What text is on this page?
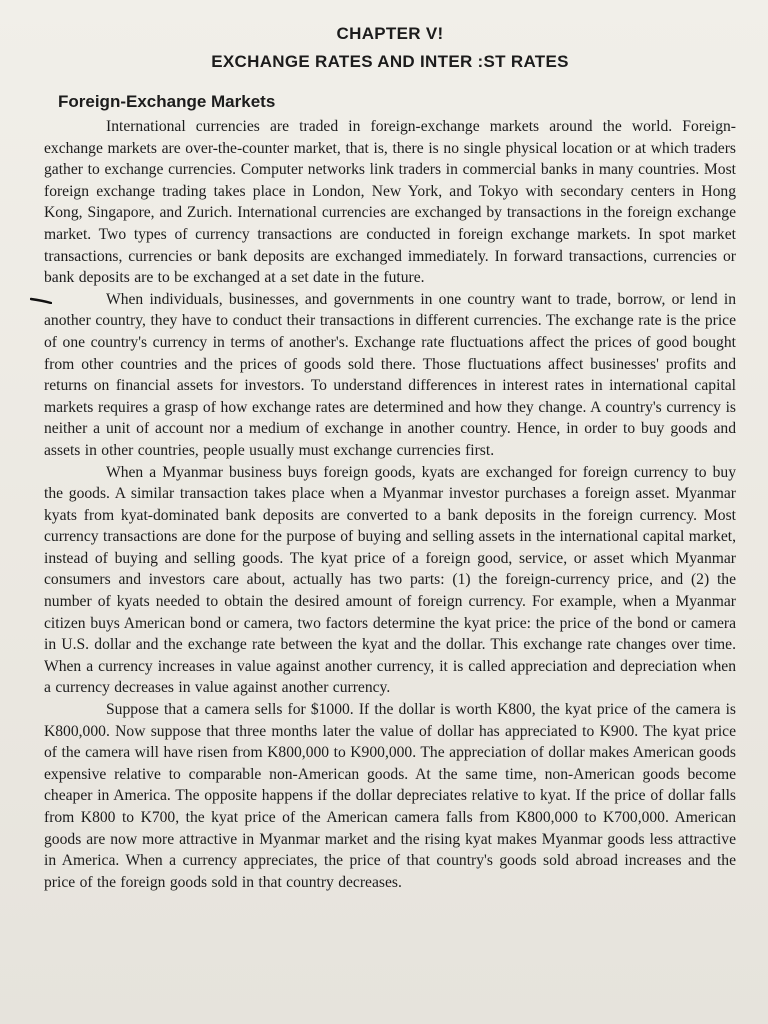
CHAPTER V!
EXCHANGE RATES AND INTER :ST RATES
Foreign-Exchange Markets

International currencies are traded in foreign-exchange markets around the world. Foreign-exchange markets are over-the-counter market, that is, there is no single physical location or at which traders gather to exchange currencies. Computer networks link traders in commercial banks in many countries. Most foreign exchange trading takes place in London, New York, and Tokyo with secondary centers in Hong Kong, Singapore, and Zurich. International currencies are exchanged by transactions in the foreign exchange market. Two types of currency transactions are conducted in foreign exchange markets. In spot market transactions, currencies or bank deposits are exchanged immediately. In forward transactions, currencies or bank deposits are to be exchanged at a set date in the future.

When individuals, businesses, and governments in one country want to trade, borrow, or lend in another country, they have to conduct their transactions in different currencies. The exchange rate is the price of one country's currency in terms of another's. Exchange rate fluctuations affect the prices of good bought from other countries and the prices of goods sold there. Those fluctuations affect businesses' profits and returns on financial assets for investors. To understand differences in interest rates in international capital markets requires a grasp of how exchange rates are determined and how they change. A country's currency is neither a unit of account nor a medium of exchange in another country. Hence, in order to buy goods and assets in other countries, people usually must exchange currencies first.

When a Myanmar business buys foreign goods, kyats are exchanged for foreign currency to buy the goods. A similar transaction takes place when a Myanmar investor purchases a foreign asset. Myanmar kyats from kyat-dominated bank deposits are converted to a bank deposits in the foreign currency. Most currency transactions are done for the purpose of buying and selling assets in the international capital market, instead of buying and selling goods. The kyat price of a foreign good, service, or asset which Myanmar consumers and investors care about, actually has two parts: (1) the foreign-currency price, and (2) the number of kyats needed to obtain the desired amount of foreign currency. For example, when a Myanmar citizen buys American bond or camera, two factors determine the kyat price: the price of the bond or camera in U.S. dollar and the exchange rate between the kyat and the dollar. This exchange rate changes over time. When a currency increases in value against another currency, it is called appreciation and depreciation when a currency decreases in value against another currency.

Suppose that a camera sells for $1000. If the dollar is worth K800, the kyat price of the camera is K800,000. Now suppose that three months later the value of dollar has appreciated to K900. The kyat price of the camera will have risen from K800,000 to K900,000. The appreciation of dollar makes American goods expensive relative to comparable non-American goods. At the same time, non-American goods become cheaper in America. The opposite happens if the dollar depreciates relative to kyat. If the price of dollar falls from K800 to K700, the kyat price of the American camera falls from K800,000 to K700,000. American goods are now more attractive in Myanmar market and the rising kyat makes Myanmar goods less attractive in America. When a currency appreciates, the price of that country's goods sold abroad increases and the price of the foreign goods sold in that country decreases.
